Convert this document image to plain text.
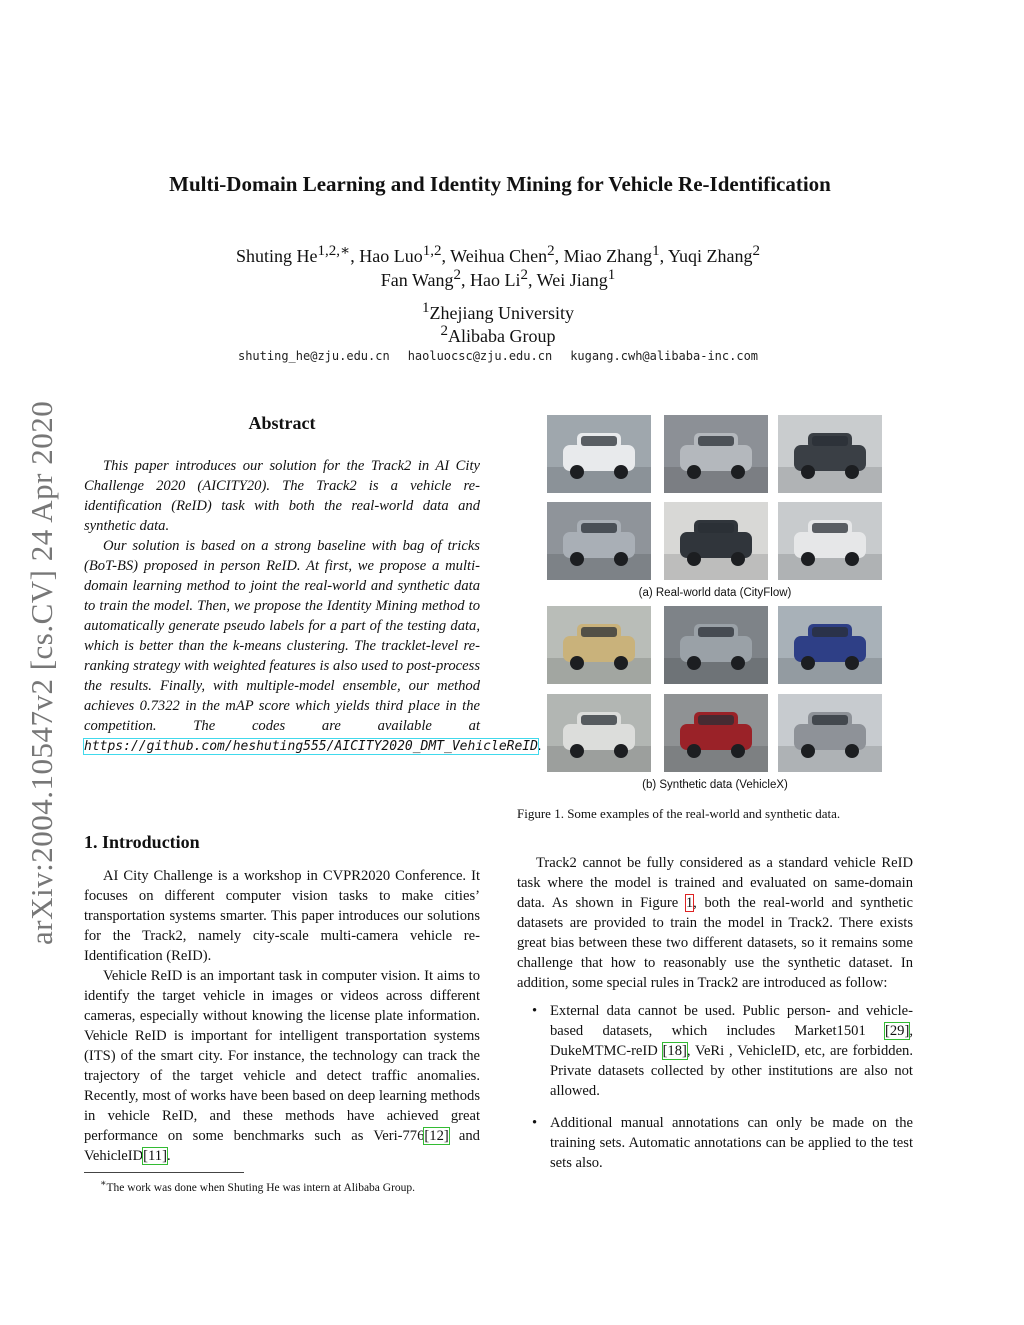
arXiv:2004.10547v2 [cs.CV] 24 Apr 2020
Multi-Domain Learning and Identity Mining for Vehicle Re-Identification
Shuting $He^{1,2,∗}$, Hao Luo$^{1,2}$, Weihua Chen$^2$, Miao Zhang$^1$, Yuqi Zhang$^2$
Fan Wang$^2$, Hao Li$^2$, Wei Jiang$^1$
$^1$Zhejiang University
$^2$Alibaba Group
shuting_he@zju.edu.cn haoluocsc@zju.edu.cn kugang.cwh@alibaba-inc.com
Abstract

This paper introduces our solution for the Track2 in AI City Challenge 2020 (AICITY20). The Track2 is a vehicle re-identification (ReID) task with both the real-world data and synthetic data.

Our solution is based on a strong baseline with bag of tricks (BoT-BS) proposed in person ReID. At first, we propose a multi-domain learning method to joint the real-world and synthetic data to train the model. Then, we propose the Identity Mining method to automatically generate pseudo labels for a part of the testing data, which is better than the k-means clustering. The tracklet-level re-ranking strategy with weighted features is also used to post-process the results. Finally, with multiple-model ensemble, our method achieves 0.7322 in the mAP score which yields third place in the competition. The codes are available at https://github.com/heshuting555/AICITY2020_DMT_VehicleReID.

1. Introduction

AI City Challenge is a workshop in CVPR2020 Conference. It focuses on different computer vision tasks to make cities’ transportation systems smarter. This paper introduces our solutions for the Track2, namely city-scale multi-camera vehicle re-Identification (ReID).

Vehicle ReID is an important task in computer vision. It aims to identify the target vehicle in images or videos across different cameras, especially without knowing the license plate information. Vehicle ReID is important for intelligent transportation systems (ITS) of the smart city. For instance, the technology can track the trajectory of the target vehicle and detect traffic anomalies. Recently, most of works have been based on deep learning methods in vehicle ReID, and these methods have achieved great performance on some benchmarks such as Veri-776[12] and VehicleID[11].

∗The work was done when Shuting He was intern at Alibaba Group.
(a) Real-world data (CityFlow)
(b) Synthetic data (VehicleX)
Figure 1. Some examples of the real-world and synthetic data.

Track2 cannot be fully considered as a standard vehicle ReID task where the model is trained and evaluated on same-domain data. As shown in Figure 1, both the real-world and synthetic datasets are provided to train the model in Track2. There exists great bias between these two different datasets, so it remains some challenge that how to reasonably use the synthetic dataset. In addition, some special rules in Track2 are introduced as follow:

• External data cannot be used. Public person- and vehicle-based datasets, which includes Market1501 [29], DukeMTMC-reID [18], VeRi , VehicleID, etc, are forbidden. Private datasets collected by other institutions are also not allowed.
• Additional manual annotations can only be made on the training sets. Automatic annotations can be applied to the test sets also.
